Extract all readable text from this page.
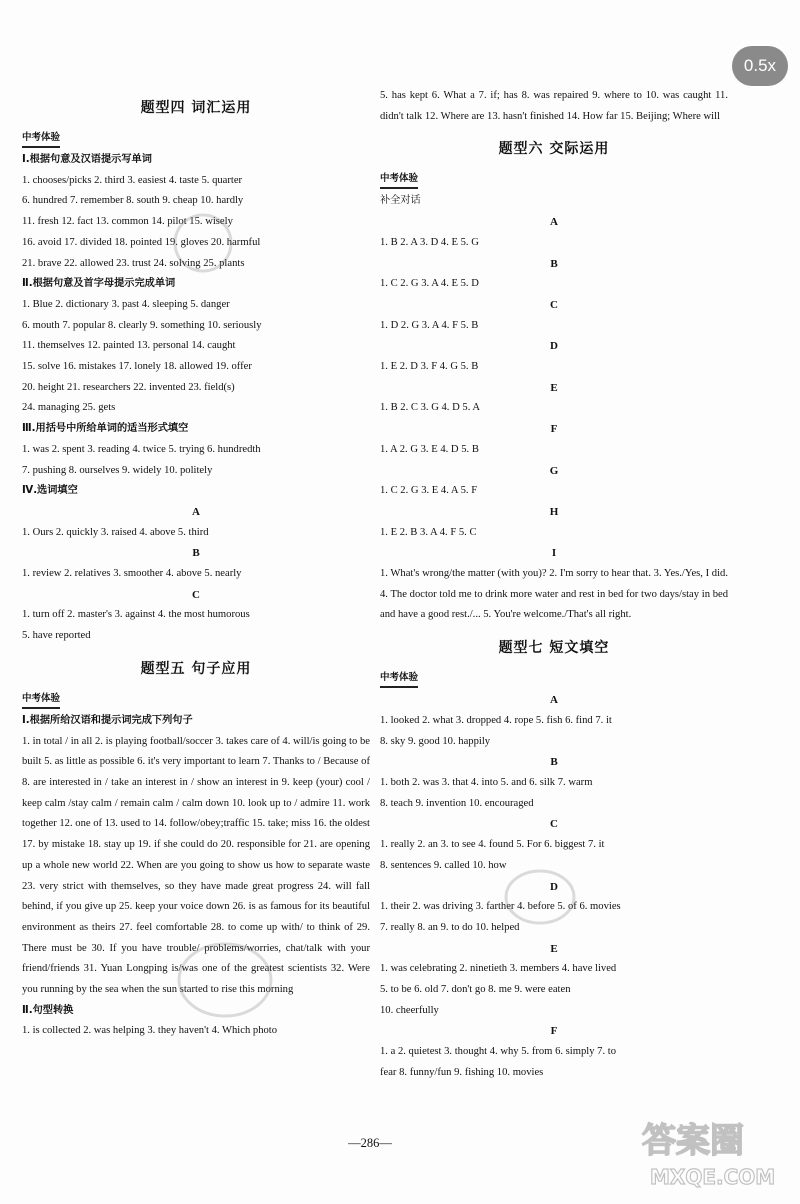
题型四 词汇运用
中考体验
Ⅰ.根据句意及汉语提示写单词
1. chooses/picks 2. third 3. easiest 4. taste 5. quarter
6. hundred 7. remember 8. south 9. cheap 10. hardly
11. fresh 12. fact 13. common 14. pilot 15. wisely
16. avoid 17. divided 18. pointed 19. gloves 20. harmful
21. brave 22. allowed 23. trust 24. solving 25. plants
Ⅱ.根据句意及首字母提示完成单词
1. Blue 2. dictionary 3. past 4. sleeping 5. danger
6. mouth 7. popular 8. clearly 9. something 10. seriously
11. themselves 12. painted 13. personal 14. caught
15. solve 16. mistakes 17. lonely 18. allowed 19. offer
20. height 21. researchers 22. invented 23. field(s)
24. managing 25. gets
Ⅲ.用括号中所给单词的适当形式填空
1. was 2. spent 3. reading 4. twice 5. trying 6. hundredth
7. pushing 8. ourselves 9. widely 10. politely
Ⅳ.选词填空
A
1. Ours 2. quickly 3. raised 4. above 5. third
B
1. review 2. relatives 3. smoother 4. above 5. nearly
C
1. turn off 2. master's 3. against 4. the most humorous
5. have reported
题型五 句子应用
中考体验
Ⅰ.根据所给汉语和提示词完成下列句子
1. in total / in all 2. is playing football/soccer 3. takes care of 4. will/is going to be built 5. as little as possible 6. it's very important to learn 7. Thanks to / Because of 8. are interested in / take an interest in / show an interest in 9. keep (your) cool / keep calm /stay calm / remain calm / calm down 10. look up to / admire 11. work together 12. one of 13. used to 14. follow/obey;traffic 15. take; miss 16. the oldest 17. by mistake 18. stay up 19. if she could do 20. responsible for 21. are opening up a whole new world 22. When are you going to show us how to separate waste 23. very strict with themselves, so they have made great progress 24. will fall behind, if you give up 25. keep your voice down 26. is as famous for its beautiful environment as theirs 27. feel comfortable 28. to come up with/ to think of 29. There must be 30. If you have trouble/ problems/worries, chat/talk with your friend/friends 31. Yuan Longping is/was one of the greatest scientists 32. Were you running by the sea when the sun started to rise this morning
Ⅱ.句型转换
1. is collected 2. was helping 3. they haven't 4. Which photo
5. has kept 6. What a 7. if; has 8. was repaired 9. where to 10. was caught 11. didn't talk 12. Where are 13. hasn't finished 14. How far 15. Beijing; Where will
题型六 交际运用
中考体验
补全对话
A
1. B 2. A 3. D 4. E 5. G
B
1. C 2. G 3. A 4. E 5. D
C
1. D 2. G 3. A 4. F 5. B
D
1. E 2. D 3. F 4. G 5. B
E
1. B 2. C 3. G 4. D 5. A
F
1. A 2. G 3. E 4. D 5. B
G
1. C 2. G 3. E 4. A 5. F
H
1. E 2. B 3. A 4. F 5. C
I
1. What's wrong/the matter (with you)? 2. I'm sorry to hear that. 3. Yes./Yes, I did. 4. The doctor told me to drink more water and rest in bed for two days/stay in bed and have a good rest./... 5. You're welcome./That's all right.
题型七 短文填空
中考体验
A
1. looked 2. what 3. dropped 4. rope 5. fish 6. find 7. it
8. sky 9. good 10. happily
B
1. both 2. was 3. that 4. into 5. and 6. silk 7. warm
8. teach 9. invention 10. encouraged
C
1. really 2. an 3. to see 4. found 5. For 6. biggest 7. it
8. sentences 9. called 10. how
D
1. their 2. was driving 3. farther 4. before 5. of 6. movies
7. really 8. an 9. to do 10. helped
E
1. was celebrating 2. ninetieth 3. members 4. have lived
5. to be 6. old 7. don't go 8. me 9. were eaten
10. cheerfully
F
1. a 2. quietest 3. thought 4. why 5. from 6. simply 7. to
fear 8. funny/fun 9. fishing 10. movies
—286—
0.5x
答案圈
MXQE.COM
